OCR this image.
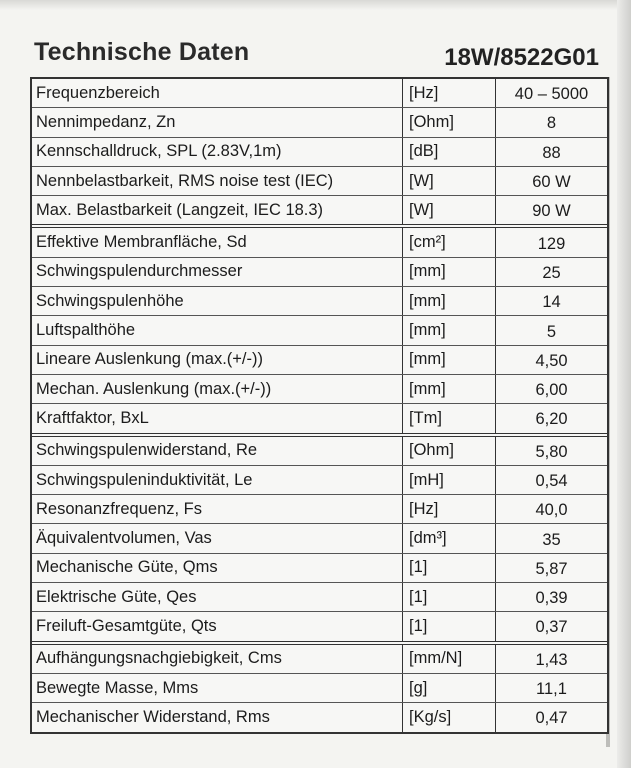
Technische Daten	18W/8522G01
Frequenzbereich	[Hz]	40 – 5000
Nennimpedanz, Zn	[Ohm]	8
Kennschalldruck, SPL (2.83V,1m)	[dB]	88
Nennbelastbarkeit, RMS noise test (IEC)	[W]	60 W
Max. Belastbarkeit (Langzeit, IEC 18.3)	[W]	90 W
Effektive Membranfläche, Sd	[cm²]	129
Schwingspulendurchmesser	[mm]	25
Schwingspulenhöhe	[mm]	14
Luftspalthöhe	[mm]	5
Lineare Auslenkung (max.(+/-))	[mm]	4,50
Mechan. Auslenkung (max.(+/-))	[mm]	6,00
Kraftfaktor, BxL	[Tm]	6,20
Schwingspulenwiderstand, Re	[Ohm]	5,80
Schwingspuleninduktivität, Le	[mH]	0,54
Resonanzfrequenz, Fs	[Hz]	40,0
Äquivalentvolumen, Vas	[dm³]	35
Mechanische Güte, Qms	[1]	5,87
Elektrische Güte, Qes	[1]	0,39
Freiluft-Gesamtgüte, Qts	[1]	0,37
Aufhängungsnachgiebigkeit, Cms	[mm/N]	1,43
Bewegte Masse, Mms	[g]	11,1
Mechanischer Widerstand, Rms	[Kg/s]	0,47
